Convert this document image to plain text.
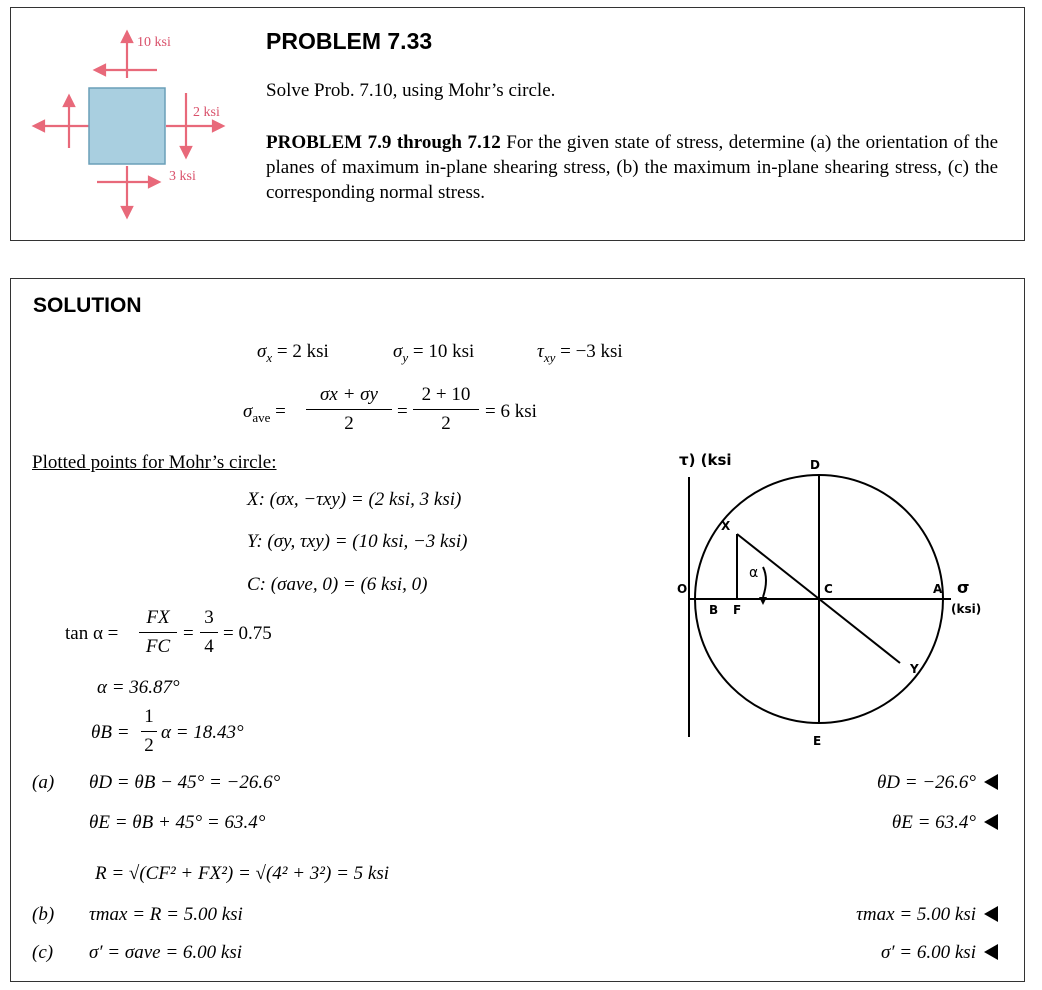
10 ksi
2 ksi
3 ksi
PROBLEM 7.33
Solve Prob. 7.10, using Mohr’s circle.
PROBLEM 7.9 through 7.12 For the given state of stress, determine (a) the orientation of the planes of maximum in-plane shearing stress, (b) the maximum in-plane shearing stress, (c) the corresponding normal stress.
SOLUTION
$\sigma_x = 2$ ksi	$\sigma_y = 10$ ksi	$\tau_{xy} = -3$ ksi
$\sigma_{ave}$ =
σx + σy
2
=
2 + 10
2
= 6 ksi
Plotted points for Mohr’s circle:
X: (σx, −τxy) = (2 ksi, 3 ksi)
Y: (σy, τxy) = (10 ksi, −3 ksi)
C: (σave, 0) = (6 ksi, 0)
tan α =
FX
FC
=
3
4
= 0.75
α = 36.87°
θB =
1
2
α = 18.43°
(a) θD = θB − 45° = −26.6°
θE = θB + 45° = 63.4°
R = √(CF² + FX²) = √(4² + 3²) = 5 ksi
(b) τmax = R = 5.00 ksi
(c) σ′ = σave = 6.00 ksi
θD = −26.6°
θE = 63.4°
τmax = 5.00 ksi
σ′ = 6.00 ksi
τ) (ksi	D
X
α
C	A σ
(ksi)
O
B F
Y
E
